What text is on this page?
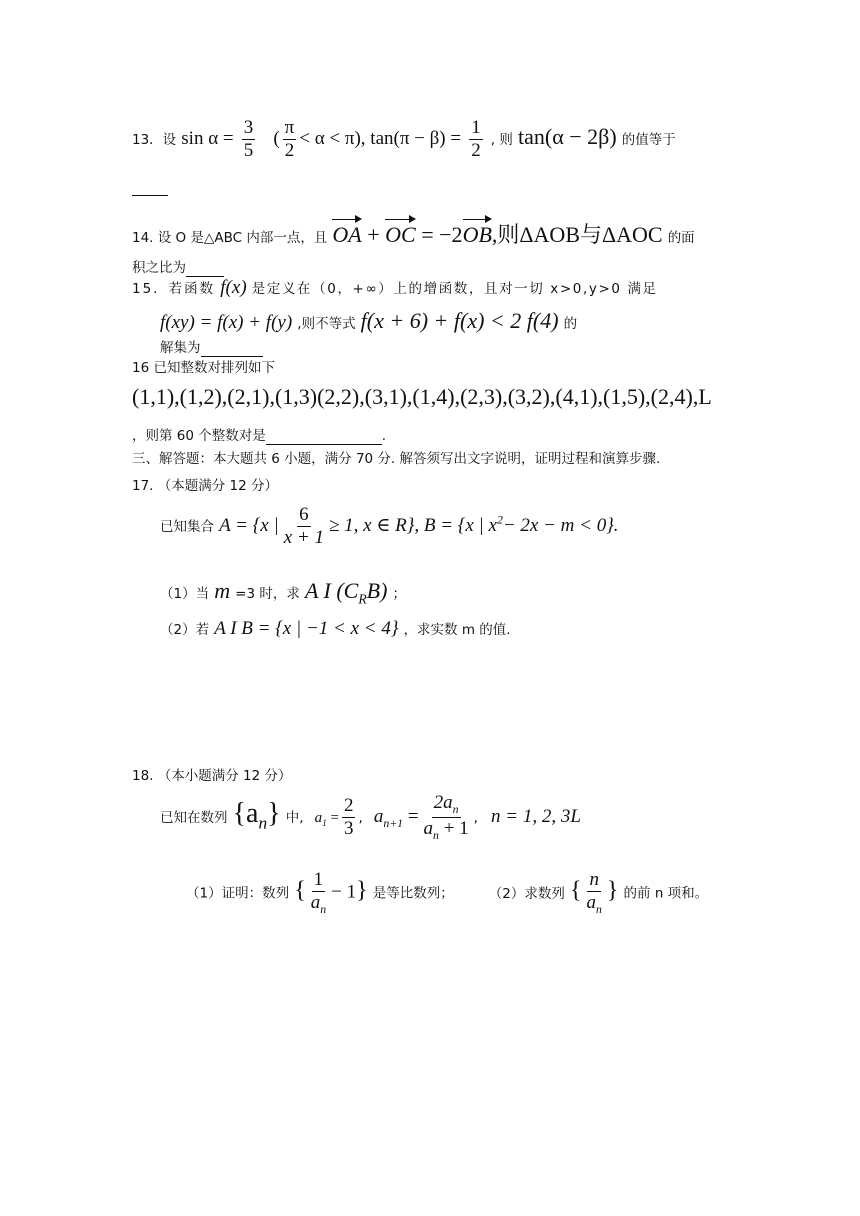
13．设 $\sin \alpha = \frac{3}{5}$ ( $\frac{\pi}{2} < \alpha < \pi$), $\tan(\pi - \beta) = \frac{1}{2}$ , 则 tan(α − 2β) 的值等于
14. 设 O 是△ABC 内部一点，且 OA + OC = −2OB,则ΔAOB与ΔAOC 的面
积之比为
15．若函数 f(x) 是定义在（0，+∞）上的增函数，且对一切 x>0,y>0 满足
f(xy) = f(x) + f(y) ,则不等式 f(x + 6) + f(x) < 2 f(4) 的
解集为
16 已知整数对排列如下
(1,1),(1,2),(2,1),(1,3)(2,2),(3,1),(1,4),(2,3),(3,2),(4,1),(1,5),(2,4),L
，则第 60 个整数对是	.
三、解答题：本大题共 6 小题，满分 70 分. 解答须写出文字说明，证明过程和演算步骤.
17. （本题满分 12 分）
已知集合 A = {x | $\frac{6}{x + 1} \ge 1$, x ∈ R}, B = {x | $x^2- 2x - m < 0$}.
（1）当 m =3 时，求 A I $(C_RB)$ ；
（2）若 A I B = {x | −1 < x < 4} ，求实数 m 的值.
18. （本小题满分 12 分）
已知在数列 $\{a_n\}$ 中, $a_1 = \frac{2}{3}$ , $a_{n+1} = \frac{2a_n}{a_n + 1}$ , n = 1, 2, 3L
（1）证明：数列 { $\frac{1}{a_n} - 1$} 是等比数列；	（2）求数列 { $\frac{n}{a_n}$ } 的前 n 项和。
